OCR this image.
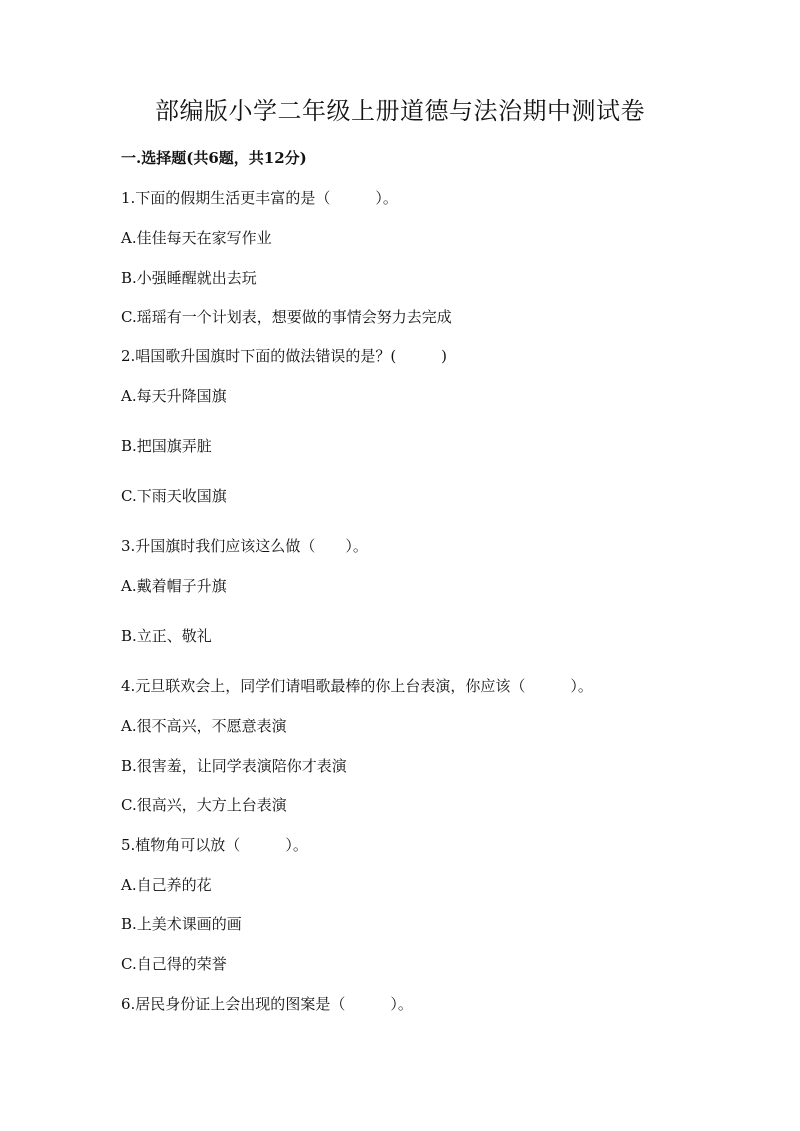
部编版小学二年级上册道德与法治期中测试卷
一.选择题(共6题，共12分)
1.下面的假期生活更丰富的是（　　　）。
A.佳佳每天在家写作业
B.小强睡醒就出去玩
C.瑶瑶有一个计划表，想要做的事情会努力去完成
2.唱国歌升国旗时下面的做法错误的是？(　　　)
A.每天升降国旗
B.把国旗弄脏
C.下雨天收国旗
3.升国旗时我们应该这么做（　　）。
A.戴着帽子升旗
B.立正、敬礼
4.元旦联欢会上，同学们请唱歌最棒的你上台表演，你应该（　　　）。
A.很不高兴，不愿意表演
B.很害羞，让同学表演陪你才表演
C.很高兴，大方上台表演
5.植物角可以放（　　　）。
A.自己养的花
B.上美术课画的画
C.自己得的荣誉
6.居民身份证上会出现的图案是（　　　）。
